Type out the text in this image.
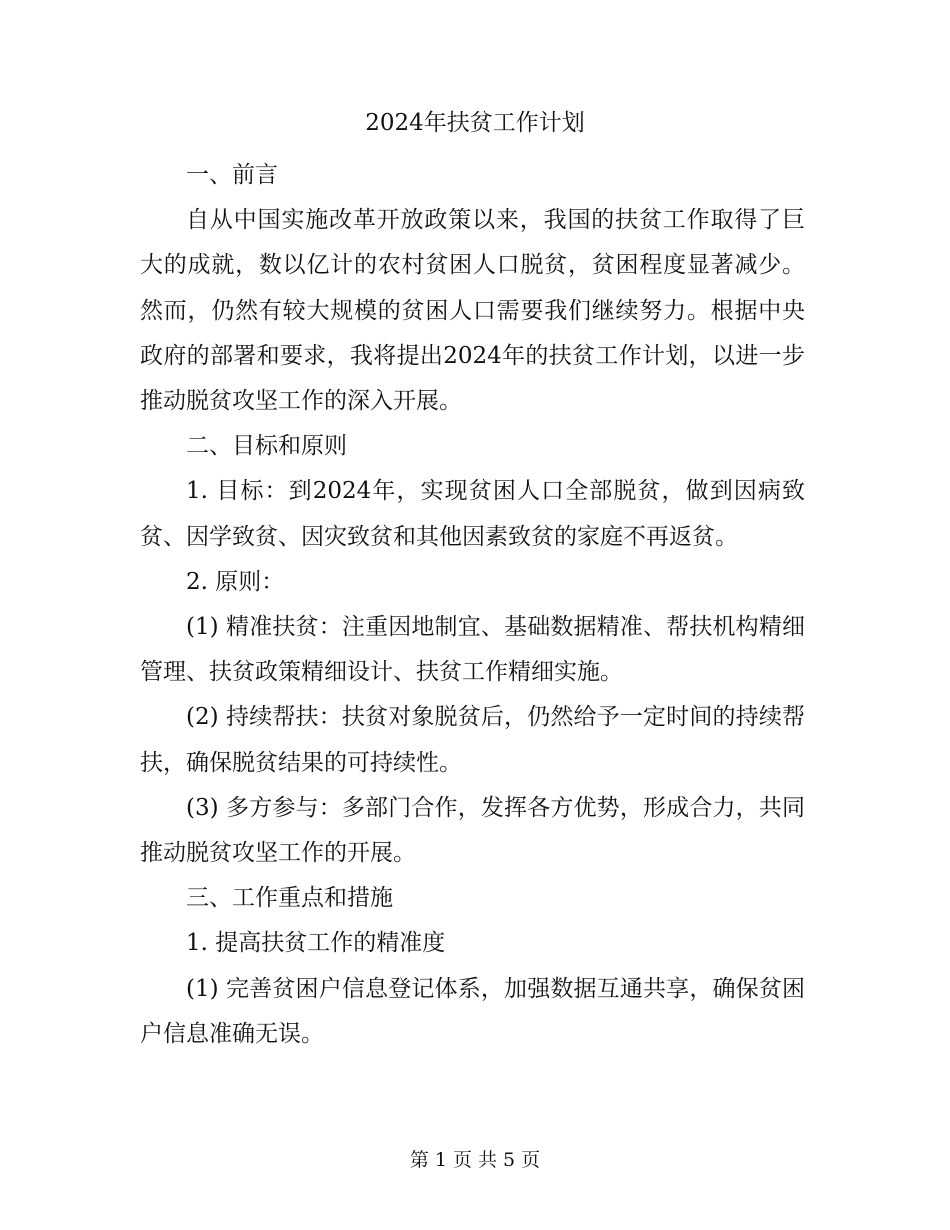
2024年扶贫工作计划

一、前言

自从中国实施改革开放政策以来，我国的扶贫工作取得了巨大的成就，数以亿计的农村贫困人口脱贫，贫困程度显著减少。然而，仍然有较大规模的贫困人口需要我们继续努力。根据中央政府的部署和要求，我将提出2024年的扶贫工作计划，以进一步推动脱贫攻坚工作的深入开展。

二、目标和原则

1. 目标：到2024年，实现贫困人口全部脱贫，做到因病致贫、因学致贫、因灾致贫和其他因素致贫的家庭不再返贫。

2. 原则：

(1) 精准扶贫：注重因地制宜、基础数据精准、帮扶机构精细管理、扶贫政策精细设计、扶贫工作精细实施。

(2) 持续帮扶：扶贫对象脱贫后，仍然给予一定时间的持续帮扶，确保脱贫结果的可持续性。

(3) 多方参与：多部门合作，发挥各方优势，形成合力，共同推动脱贫攻坚工作的开展。

三、工作重点和措施

1. 提高扶贫工作的精准度

(1) 完善贫困户信息登记体系，加强数据互通共享，确保贫困户信息准确无误。

第 1 页 共 5 页
